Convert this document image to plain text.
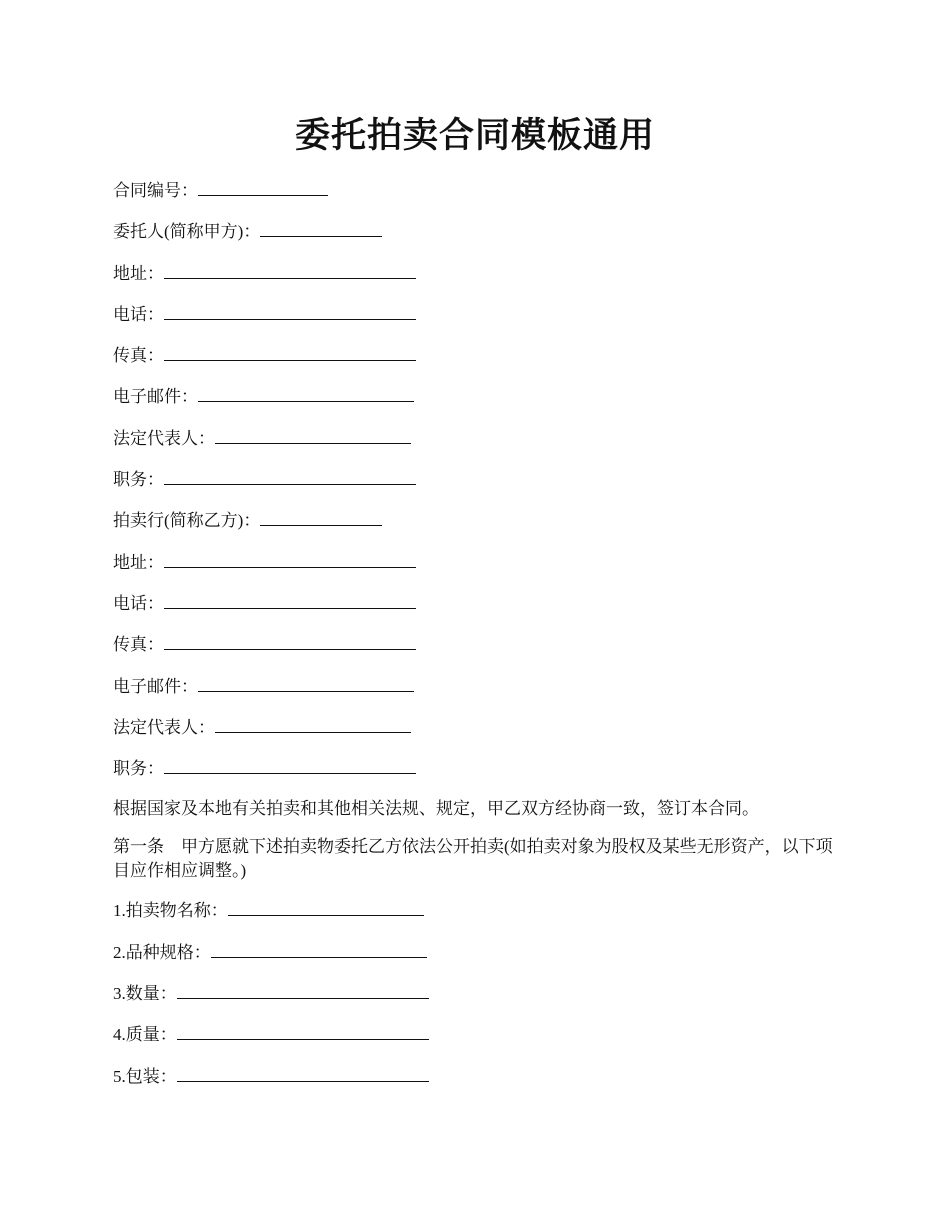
委托拍卖合同模板通用
合同编号：
委托人(简称甲方)：
地址：
电话：
传真：
电子邮件：
法定代表人：
职务：
拍卖行(简称乙方)：
地址：
电话：
传真：
电子邮件：
法定代表人：
职务：
根据国家及本地有关拍卖和其他相关法规、规定，甲乙双方经协商一致，签订本合同。
第一条　甲方愿就下述拍卖物委托乙方依法公开拍卖(如拍卖对象为股权及某些无形资产，以下项目应作相应调整。)
1.拍卖物名称：
2.品种规格：
3.数量：
4.质量：
5.包装：
